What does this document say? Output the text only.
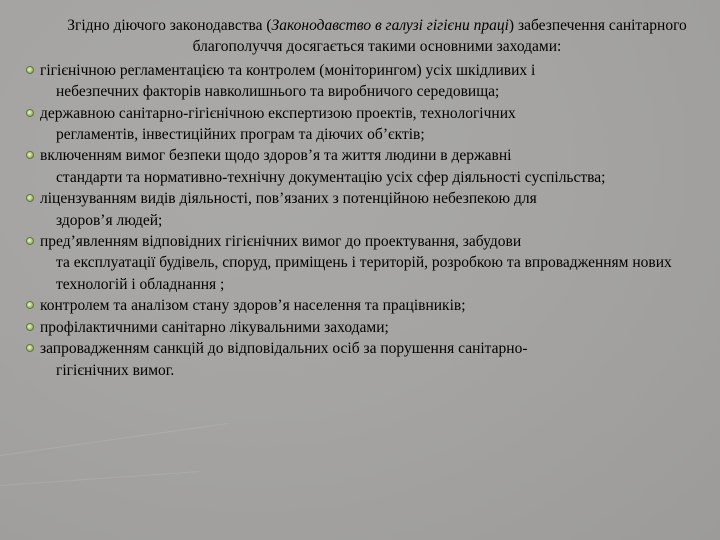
Згідно діючого законодавства (Законодавство в галузі гігієни праці) забезпечення санітарного благополуччя досягається такими основними заходами:

гігієнічною регламентацією та контролем (моніторингом) усіх шкідливих і
небезпечних факторів навколишнього та виробничого середовища;
державною санітарно-гігієнічною експертизою проектів, технологічних
регламентів, інвестиційних програм та діючих об’єктів;
включенням вимог безпеки щодо здоров’я та життя людини в державні
стандарти та нормативно-технічну документацію усіх сфер діяльності суспільства;
ліцензуванням видів діяльності, пов’язаних з потенційною небезпекою для
здоров’я людей;
пред’явленням відповідних гігієнічних вимог до проектування, забудови
та експлуатації будівель, споруд, приміщень і територій, розробкою та впровадженням нових технологій і обладнання ;
контролем та аналізом стану здоров’я населення та працівників;
профілактичними санітарно лікувальними заходами;
запровадженням санкцій до відповідальних осіб за порушення санітарно-
гігієнічних вимог.
